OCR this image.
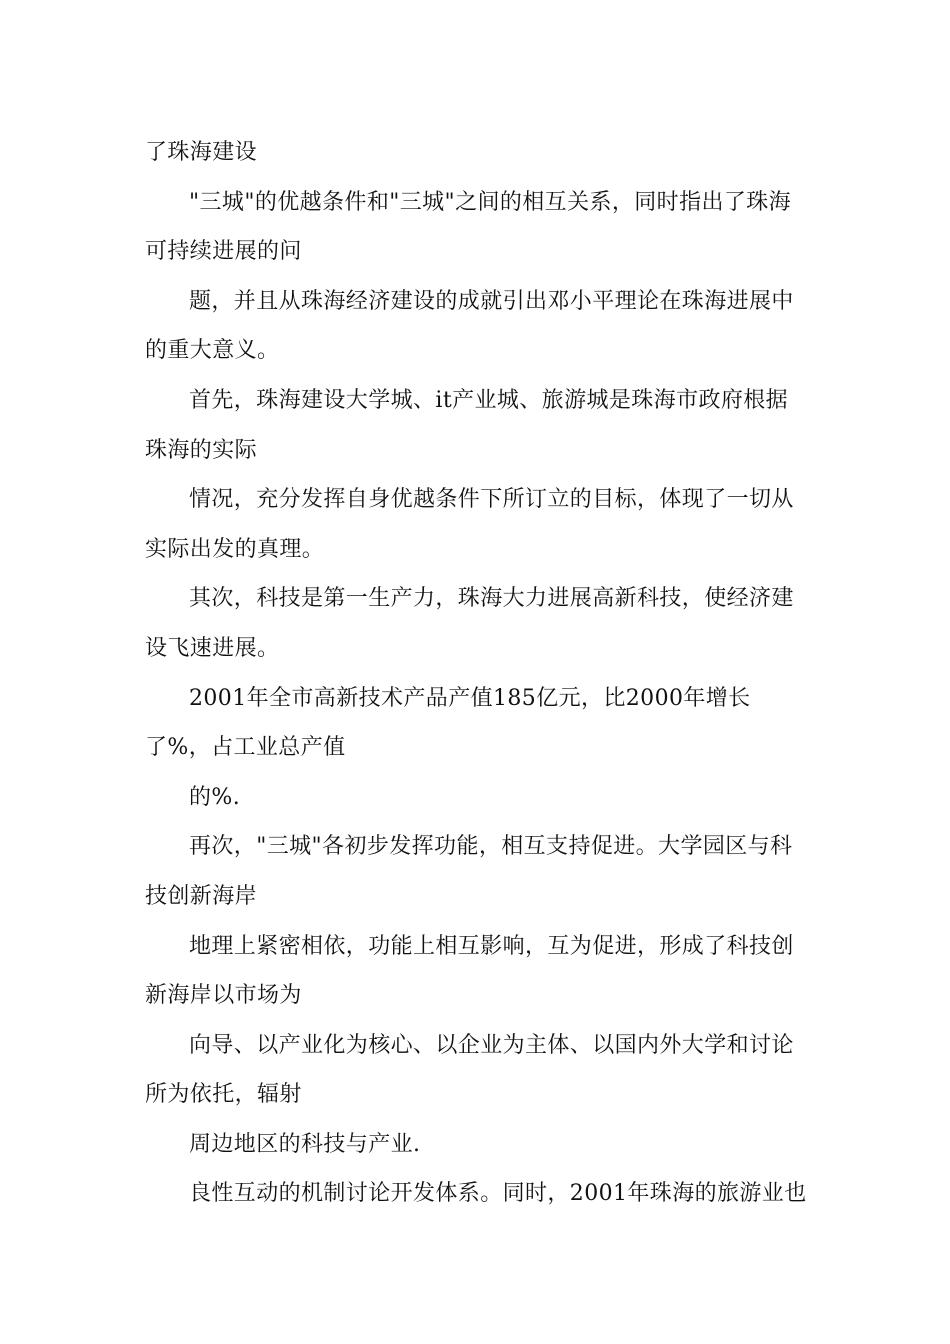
了珠海建设

"三城"的优越条件和"三城"之间的相互关系，同时指出了珠海可持续进展的问

题，并且从珠海经济建设的成就引出邓小平理论在珠海进展中的重大意义。

首先，珠海建设大学城、it产业城、旅游城是珠海市政府根据珠海的实际

情况，充分发挥自身优越条件下所订立的目标，体现了一切从实际出发的真理。

其次，科技是第一生产力，珠海大力进展高新科技，使经济建设飞速进展。

2001年全市高新技术产品产值185亿元，比2000年增长了%，占工业总产值

的%.

再次，"三城"各初步发挥功能，相互支持促进。大学园区与科技创新海岸

地理上紧密相依，功能上相互影响，互为促进，形成了科技创新海岸以市场为

向导、以产业化为核心、以企业为主体、以国内外大学和讨论所为依托，辐射

周边地区的科技与产业.

良性互动的机制讨论开发体系。同时，2001年珠海的旅游业也
